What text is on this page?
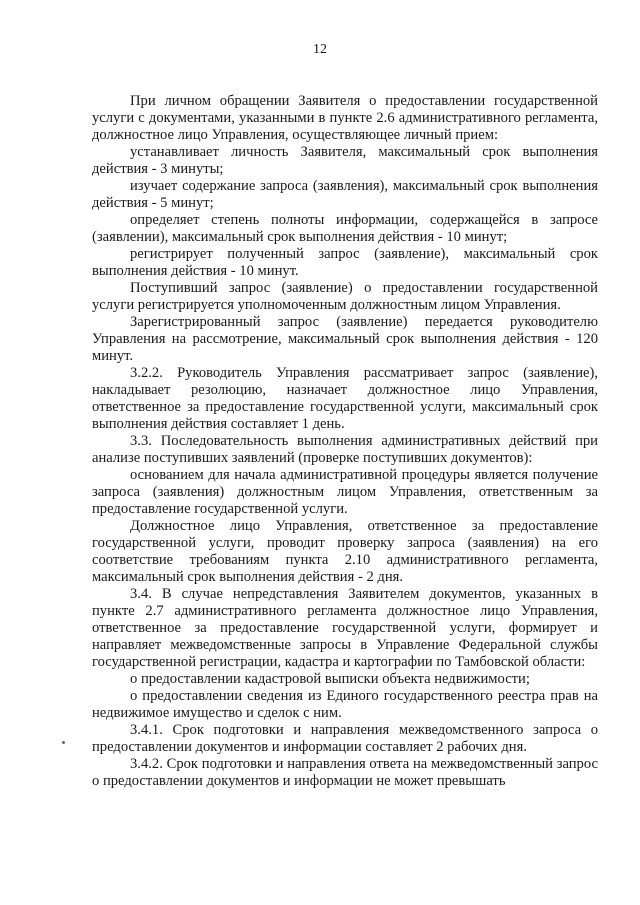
12

При личном обращении Заявителя о предоставлении государственной услуги с документами, указанными в пункте 2.6 административного регламента, должностное лицо Управления, осуществляющее личный прием:

устанавливает личность Заявителя, максимальный срок выполнения действия - 3 минуты;

изучает содержание запроса (заявления), максимальный срок выполнения действия - 5 минут;

определяет степень полноты информации, содержащейся в запросе (заявлении), максимальный срок выполнения действия - 10 минут;

регистрирует полученный запрос (заявление), максимальный срок выполнения действия - 10 минут.

Поступивший запрос (заявление) о предоставлении государственной услуги регистрируется уполномоченным должностным лицом Управления.

Зарегистрированный запрос (заявление) передается руководителю Управления на рассмотрение, максимальный срок выполнения действия - 120 минут.

3.2.2. Руководитель Управления рассматривает запрос (заявление), накладывает резолюцию, назначает должностное лицо Управления, ответственное за предоставление государственной услуги, максимальный срок выполнения действия составляет 1 день.

3.3. Последовательность выполнения административных действий при анализе поступивших заявлений (проверке поступивших документов):

основанием для начала административной процедуры является получение запроса (заявления) должностным лицом Управления, ответственным за предоставление государственной услуги.

Должностное лицо Управления, ответственное за предоставление государственной услуги, проводит проверку запроса (заявления) на его соответствие требованиям пункта 2.10 административного регламента, максимальный срок выполнения действия - 2 дня.

3.4. В случае непредставления Заявителем документов, указанных в пункте 2.7 административного регламента должностное лицо Управления, ответственное за предоставление государственной услуги, формирует и направляет межведомственные запросы в Управление Федеральной службы государственной регистрации, кадастра и картографии по Тамбовской области:

о предоставлении кадастровой выписки объекта недвижимости;

о предоставлении сведения из Единого государственного реестра прав на недвижимое имущество и сделок с ним.

3.4.1. Срок подготовки и направления межведомственного запроса о предоставлении документов и информации составляет 2 рабочих дня.

3.4.2. Срок подготовки и направления ответа на межведомственный запрос о предоставлении документов и информации не может превышать
